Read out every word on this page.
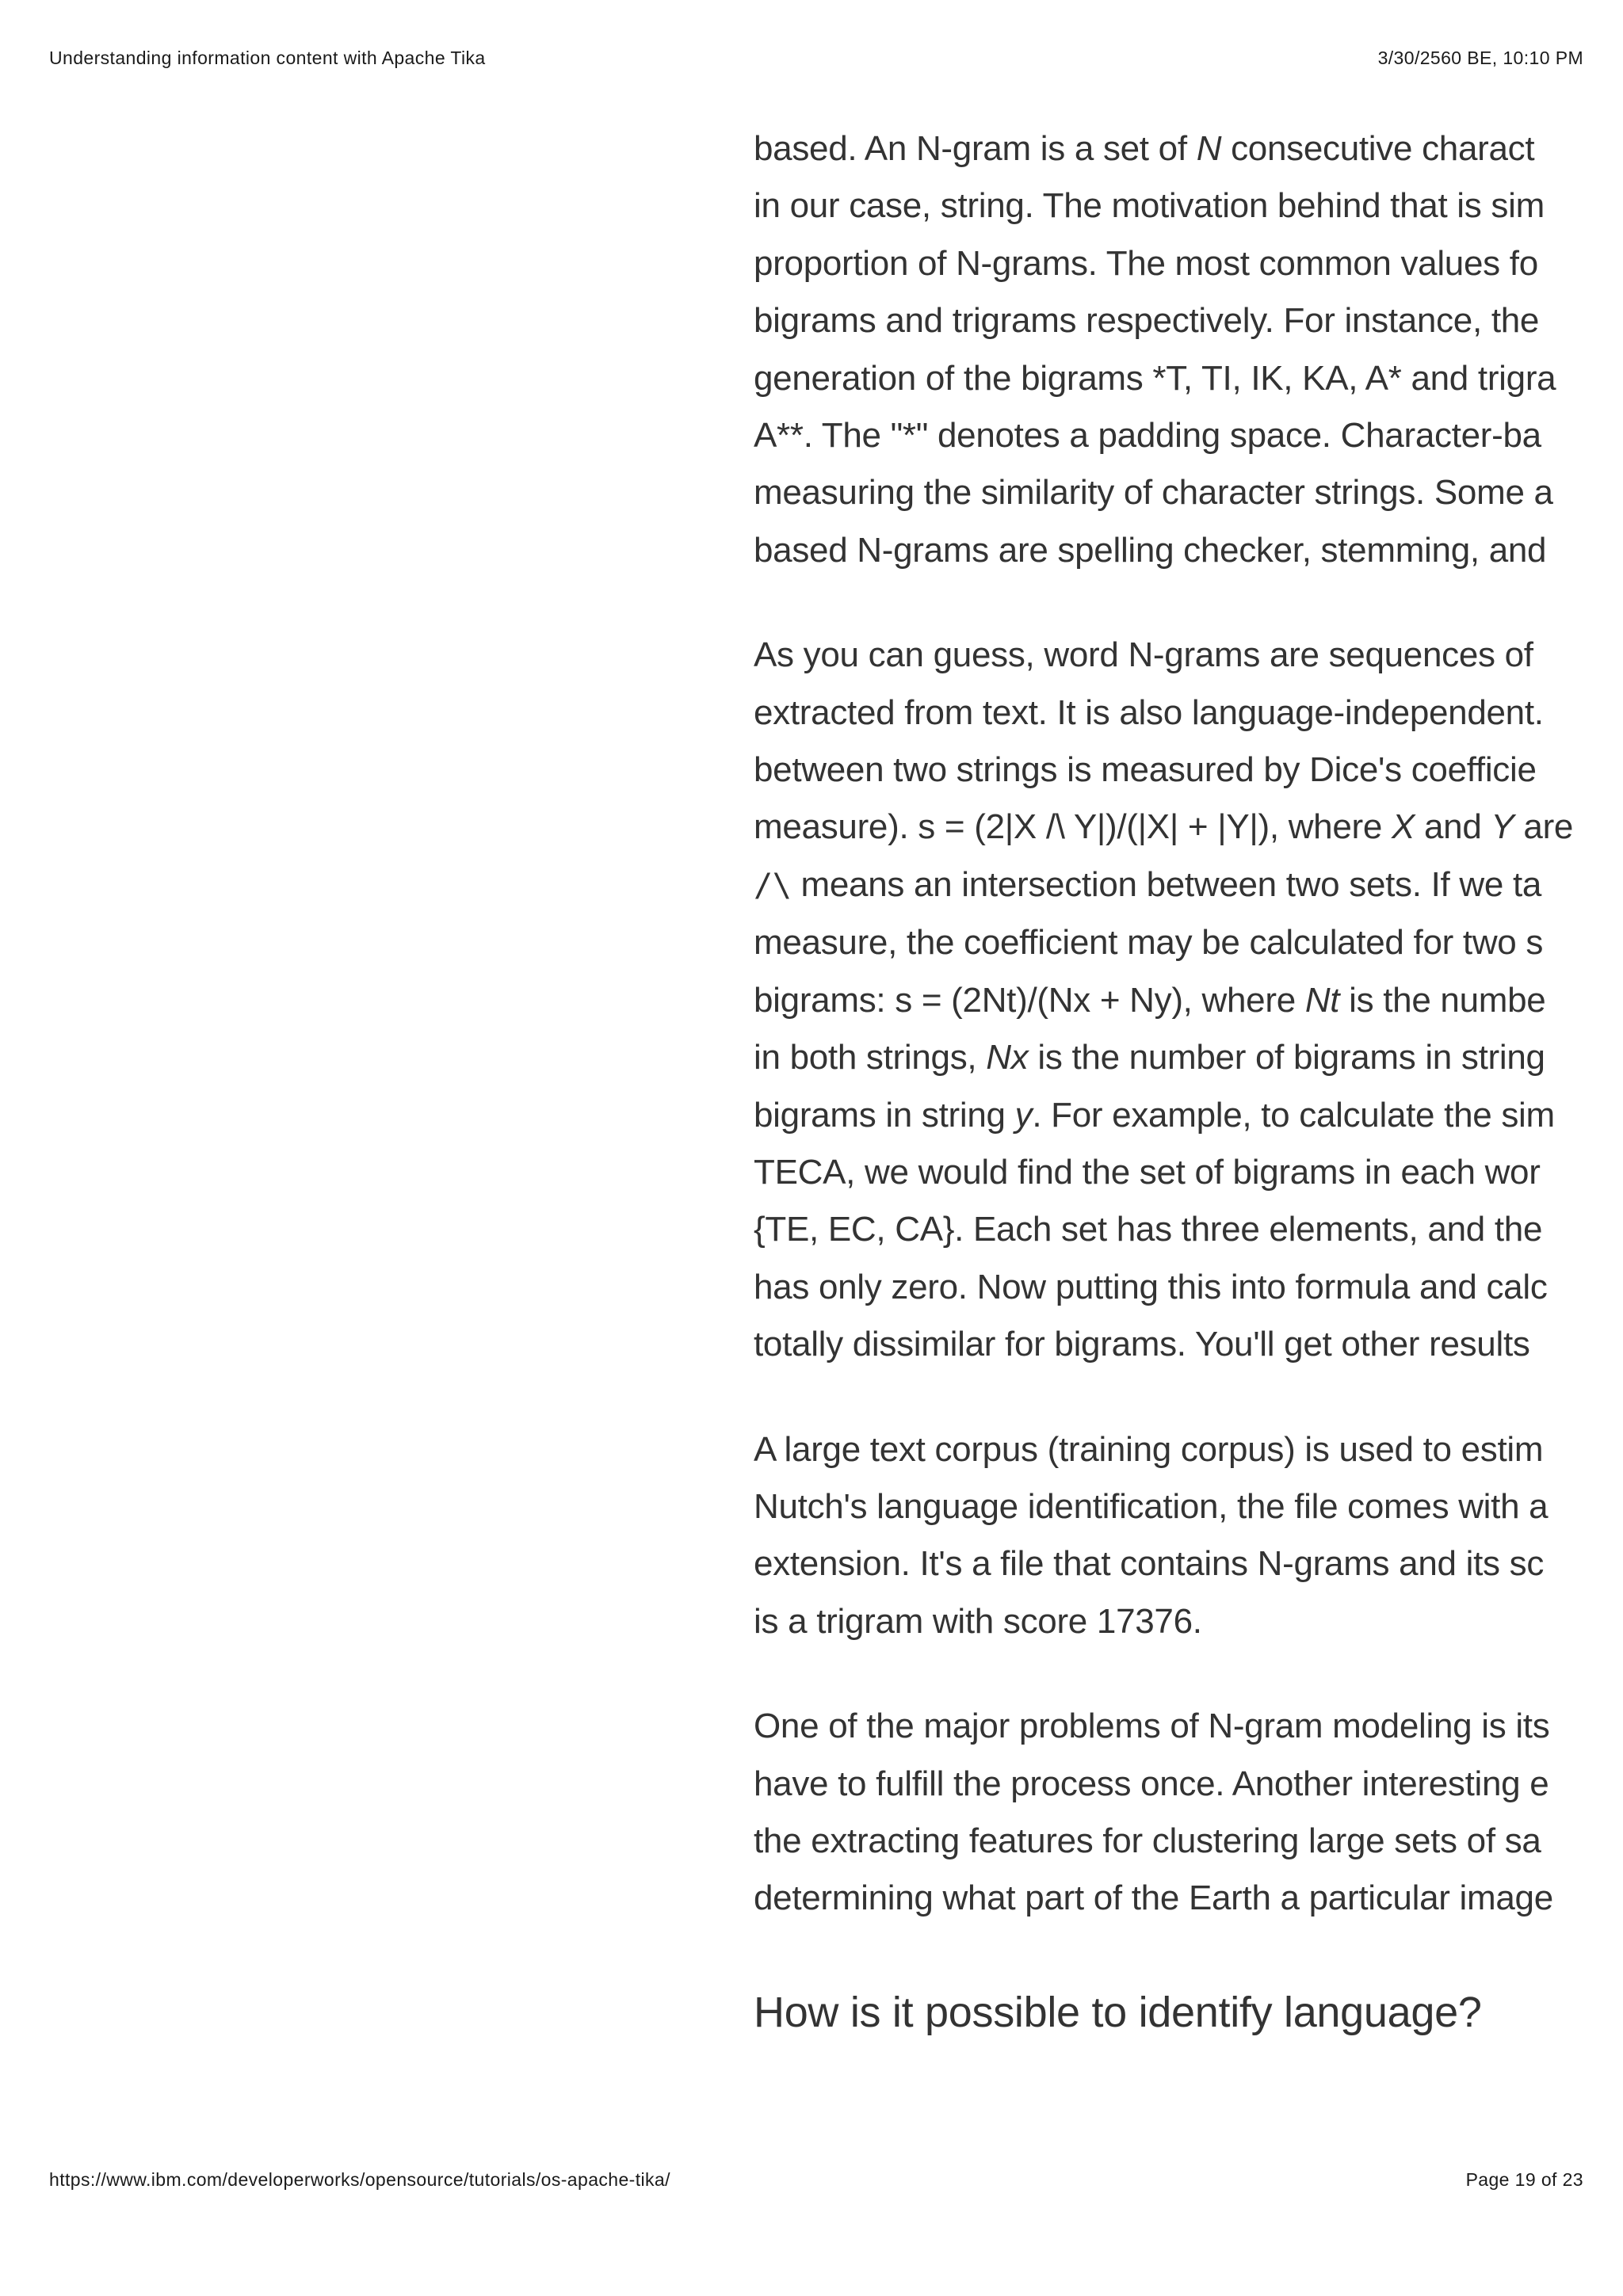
Understanding information content with Apache Tika	3/30/2560 BE, 10:10 PM

based. An N-gram is a set of N consecutive charact
in our case, string. The motivation behind that is sim
proportion of N-grams. The most common values fo
bigrams and trigrams respectively. For instance, the
generation of the bigrams *T, TI, IK, KA, A* and trigra
A**. The "*" denotes a padding space. Character-ba
measuring the similarity of character strings. Some a
based N-grams are spelling checker, stemming, and

As you can guess, word N-grams are sequences of
extracted from text. It is also language-independent.
between two strings is measured by Dice's coefficie
measure). s = (2|X /\ Y|)/(|X| + |Y|), where X and Y are
/\ means an intersection between two sets. If we ta
measure, the coefficient may be calculated for two s
bigrams: s = (2Nt)/(Nx + Ny), where Nt is the numbe
in both strings, Nx is the number of bigrams in string
bigrams in string y. For example, to calculate the sim
TECA, we would find the set of bigrams in each wor
{TE, EC, CA}. Each set has three elements, and the
has only zero. Now putting this into formula and calc
totally dissimilar for bigrams. You'll get other results

A large text corpus (training corpus) is used to estim
Nutch's language identification, the file comes with a
extension. It's a file that contains N-grams and its sc
is a trigram with score 17376.

One of the major problems of N-gram modeling is its
have to fulfill the process once. Another interesting e
the extracting features for clustering large sets of sa
determining what part of the Earth a particular image

How is it possible to identify language?
https://www.ibm.com/developerworks/opensource/tutorials/os-apache-tika/	Page 19 of 23
